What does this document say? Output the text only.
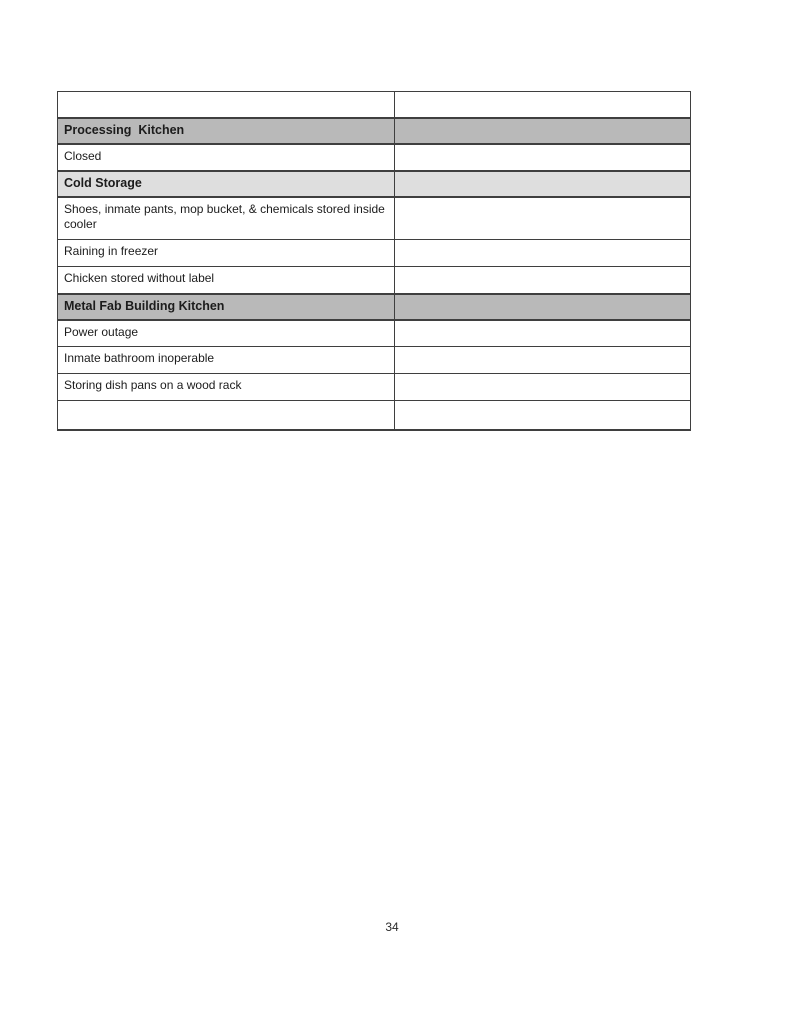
Processing  Kitchen	
Closed	
Cold Storage	
Shoes, inmate pants, mop bucket, & chemicals stored inside cooler	
Raining in freezer	
Chicken stored without label	
Metal Fab Building Kitchen	
Power outage	
Inmate bathroom inoperable	
Storing dish pans on a wood rack	

34
